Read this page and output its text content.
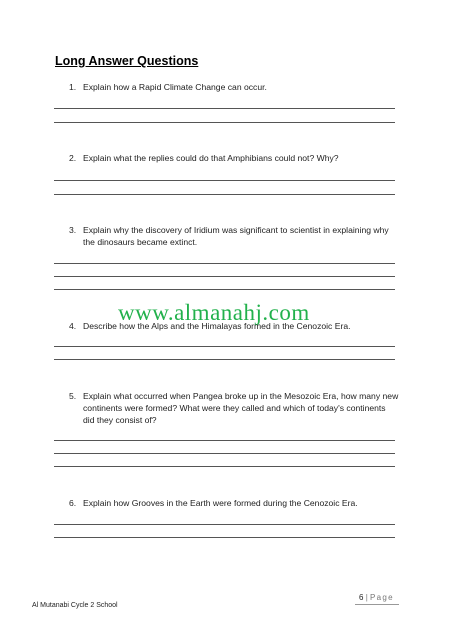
Long Answer Questions
1. Explain how a Rapid Climate Change can occur.
2. Explain what the replies could do that Amphibians could not? Why?
3. Explain why the discovery of Iridium was significant to scientist in explaining why the dinosaurs became extinct.
www.almanahj.com
4. Describe how the Alps and the Himalayas formed in the Cenozoic Era.
5. Explain what occurred when Pangea broke up in the Mesozoic Era, how many new continents were formed? What were they called and which of today's continents did they consist of?
6. Explain how Grooves in the Earth were formed during the Cenozoic Era.
6 | Page
Al Mutanabi Cycle 2 School
